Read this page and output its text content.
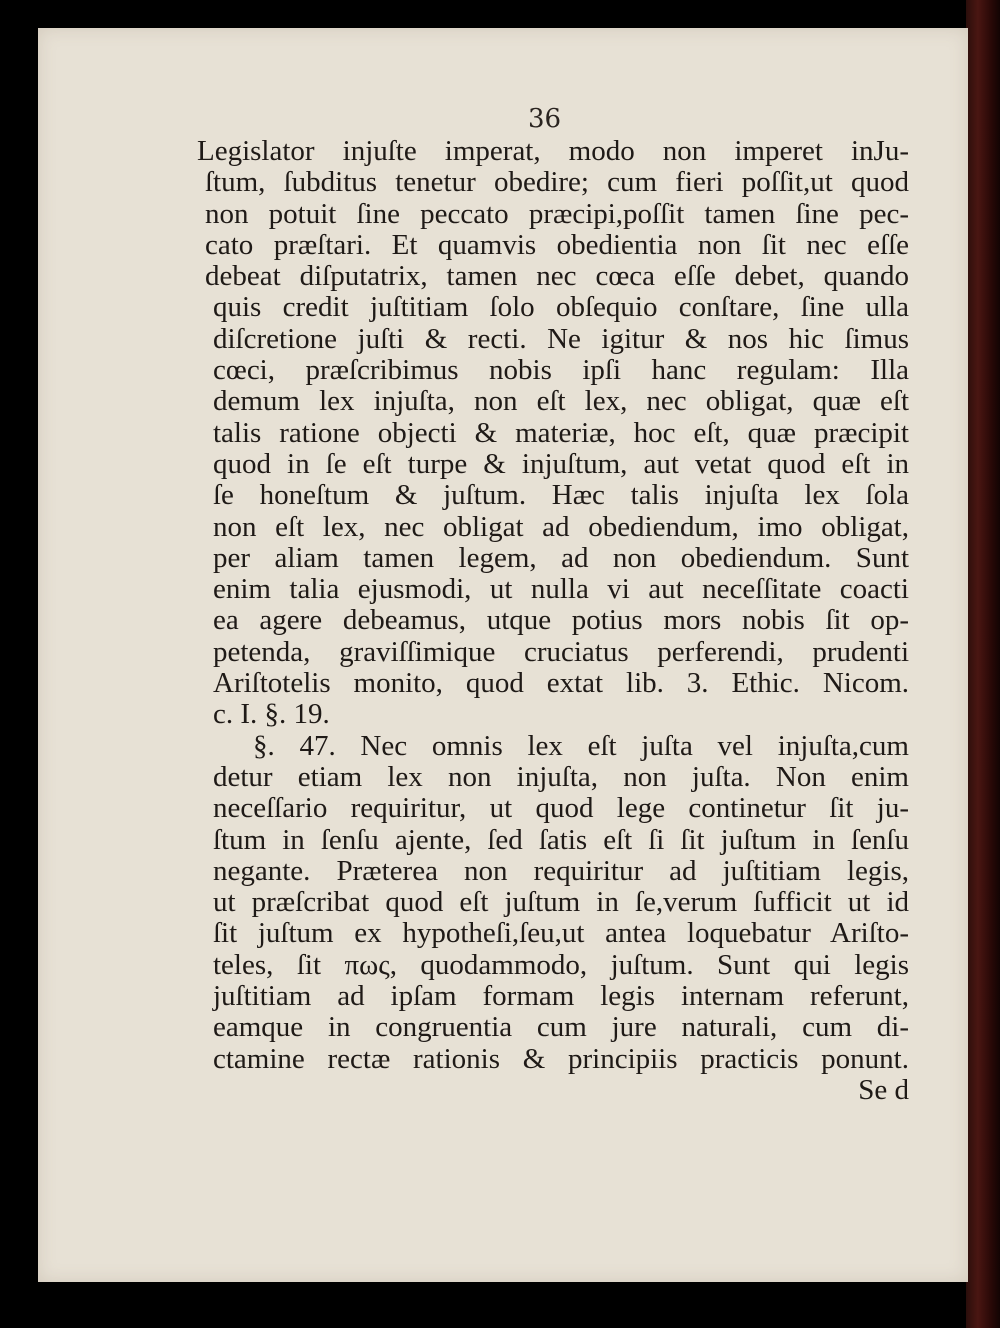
36

Legislator injuſte imperat, modo non imperet inJu-
ſtum, ſubditus tenetur obedire; cum fieri poſſit,ut quod
non potuit ſine peccato præcipi,poſſit tamen ſine pec-
cato præſtari. Et quamvis obedientia non ſit nec eſſe
debeat diſputatrix, tamen nec cœca eſſe debet, quando
quis credit juſtitiam ſolo obſequio conſtare, ſine ulla
diſcretione juſti & recti. Ne igitur & nos hic ſimus
cœci, præſcribimus nobis ipſi hanc regulam: Illa
demum lex injuſta, non eſt lex, nec obligat, quæ eſt
talis ratione objecti & materiæ, hoc eſt, quæ præcipit
quod in ſe eſt turpe & injuſtum, aut vetat quod eſt in
ſe honeſtum & juſtum. Hæc talis injuſta lex ſola
non eſt lex, nec obligat ad obediendum, imo obligat,
per aliam tamen legem, ad non obediendum. Sunt
enim talia ejusmodi, ut nulla vi aut neceſſitate coacti
ea agere debeamus, utque potius mors nobis ſit op-
petenda, graviſſimique cruciatus perferendi, prudenti
Ariſtotelis monito, quod extat lib. 3. Ethic. Nicom.
c. I. §. 19.
§. 47. Nec omnis lex eſt juſta vel injuſta,cum
detur etiam lex non injuſta, non juſta. Non enim
neceſſario requiritur, ut quod lege continetur ſit ju-
ſtum in ſenſu ajente, ſed ſatis eſt ſi ſit juſtum in ſenſu
negante. Præterea non requiritur ad juſtitiam legis,
ut præſcribat quod eſt juſtum in ſe,verum ſufficit ut id
ſit juſtum ex hypotheſi,ſeu,ut antea loquebatur Ariſto-
teles, ſit πως, quodammodo, juſtum. Sunt qui legis
juſtitiam ad ipſam formam legis internam referunt,
eamque in congruentia cum jure naturali, cum di-
ctamine rectæ rationis & principiis practicis ponunt.
Se d
